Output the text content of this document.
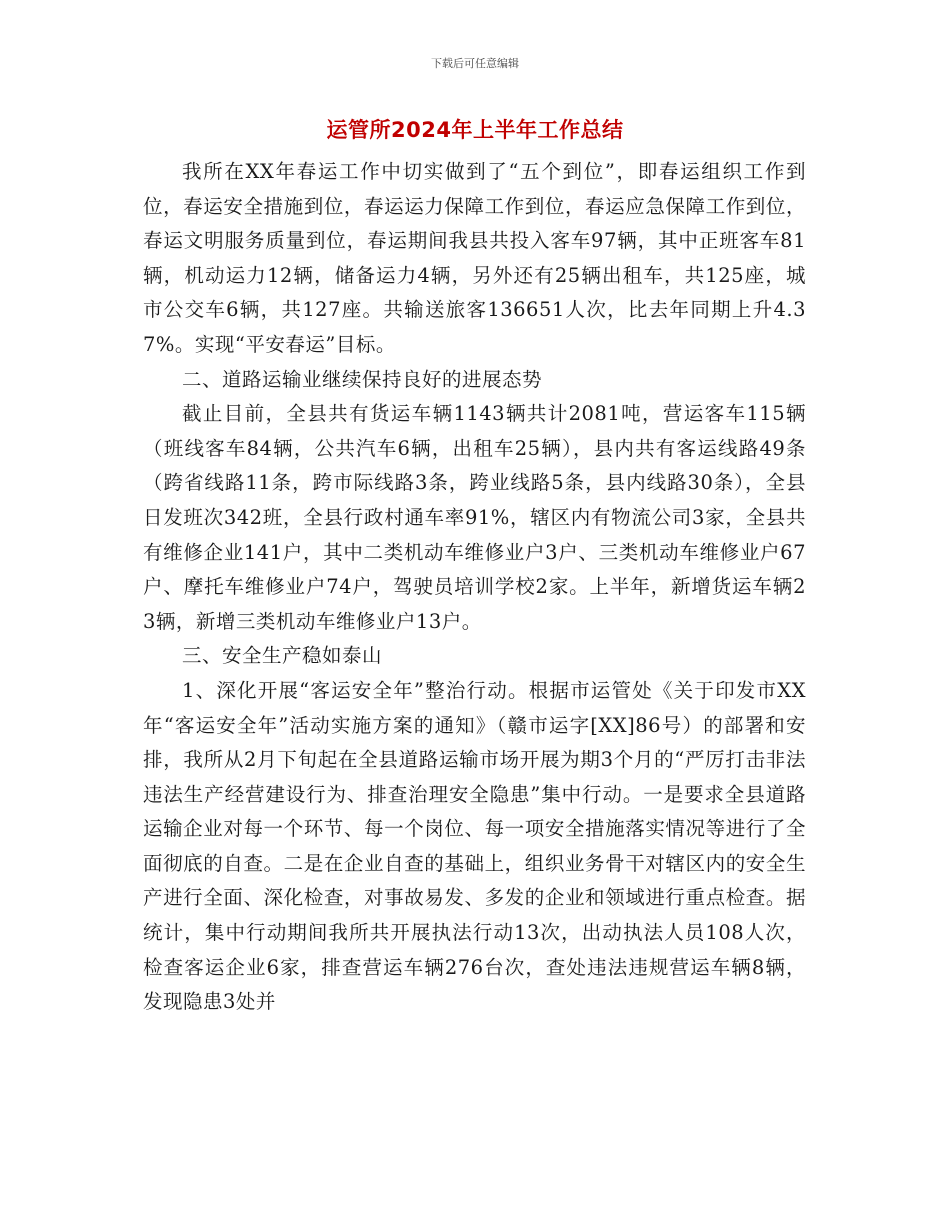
下载后可任意编辑
运管所2024年上半年工作总结

我所在XX年春运工作中切实做到了“五个到位”，即春运组织工作到位，春运安全措施到位，春运运力保障工作到位，春运应急保障工作到位，春运文明服务质量到位，春运期间我县共投入客车97辆，其中正班客车81辆，机动运力12辆，储备运力4辆，另外还有25辆出租车，共125座，城市公交车6辆，共127座。共输送旅客136651人次，比去年同期上升4.37%。实现“平安春运”目标。

二、道路运输业继续保持良好的进展态势

截止目前，全县共有货运车辆1143辆共计2081吨，营运客车115辆（班线客车84辆，公共汽车6辆，出租车25辆），县内共有客运线路49条（跨省线路11条，跨市际线路3条，跨业线路5条，县内线路30条），全县日发班次342班，全县行政村通车率91%，辖区内有物流公司3家，全县共有维修企业141户，其中二类机动车维修业户3户、三类机动车维修业户67户、摩托车维修业户74户，驾驶员培训学校2家。上半年，新增货运车辆23辆，新增三类机动车维修业户13户。

三、安全生产稳如泰山

1、深化开展“客运安全年”整治行动。根据市运管处《关于印发市XX年“客运安全年”活动实施方案的通知》（赣市运字[XX]86号）的部署和安排，我所从2月下旬起在全县道路运输市场开展为期3个月的“严厉打击非法违法生产经营建设行为、排查治理安全隐患”集中行动。一是要求全县道路运输企业对每一个环节、每一个岗位、每一项安全措施落实情况等进行了全面彻底的自查。二是在企业自查的基础上，组织业务骨干对辖区内的安全生产进行全面、深化检查，对事故易发、多发的企业和领域进行重点检查。据统计，集中行动期间我所共开展执法行动13次，出动执法人员108人次，检查客运企业6家，排查营运车辆276台次，查处违法违规营运车辆8辆，发现隐患3处并
